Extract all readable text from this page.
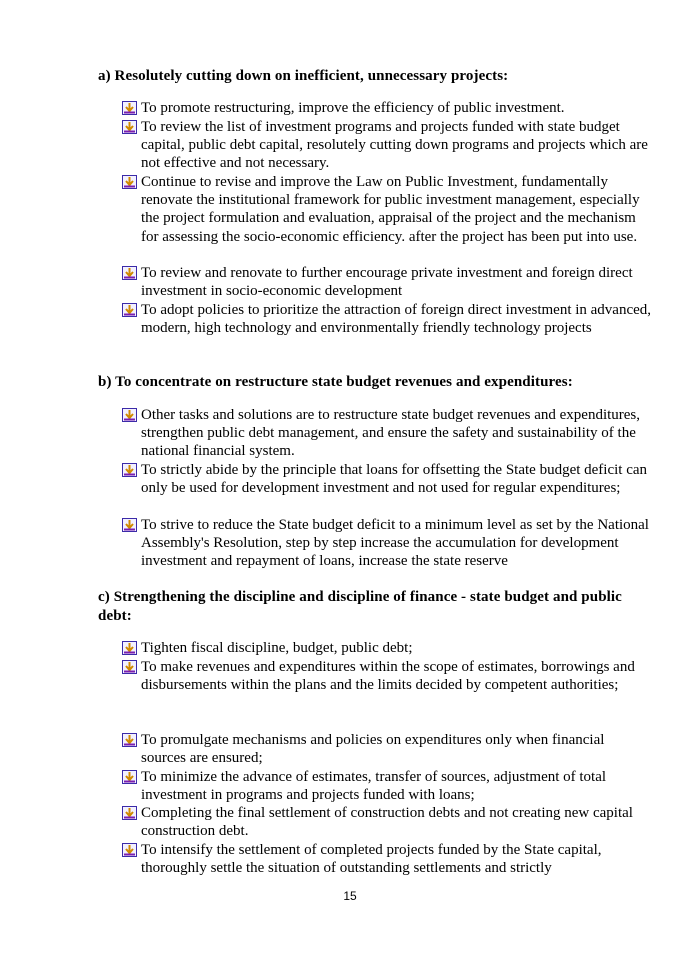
a) Resolutely cutting down on inefficient, unnecessary projects:
To promote restructuring, improve the efficiency of public investment.
To review the list of investment programs and projects funded with state budget capital, public debt capital, resolutely cutting down programs and projects which are not effective and not necessary.
Continue to revise and improve the Law on Public Investment, fundamentally renovate the institutional framework for public investment management, especially the project formulation and evaluation, appraisal of the project and the mechanism for assessing the socio-economic efficiency. after the project has been put into use.
To review and renovate to further encourage private investment and foreign direct investment in socio-economic development
To adopt policies to prioritize the attraction of foreign direct investment in advanced, modern, high technology and environmentally friendly technology projects
b) To concentrate on restructure state budget revenues and expenditures:
Other tasks and solutions are to restructure state budget revenues and expenditures, strengthen public debt management, and ensure the safety and sustainability of the national financial system.
To strictly abide by the principle that loans for offsetting the State budget deficit can only be used for development investment and not used for regular expenditures;
To strive to reduce the State budget deficit to a minimum level as set by the National Assembly's Resolution, step by step increase the accumulation for development investment and repayment of loans, increase the state reserve
c) Strengthening the discipline and discipline of finance - state budget and public debt:
Tighten fiscal discipline, budget, public debt;
To make revenues and expenditures within the scope of estimates, borrowings and disbursements within the plans and the limits decided by competent authorities;
To promulgate mechanisms and policies on expenditures only when financial sources are ensured;
To minimize the advance of estimates, transfer of sources, adjustment of total investment in programs and projects funded with loans;
Completing the final settlement of construction debts and not creating new capital construction debt.
To intensify the settlement of completed projects funded by the State capital, thoroughly settle the situation of outstanding settlements and strictly
15
